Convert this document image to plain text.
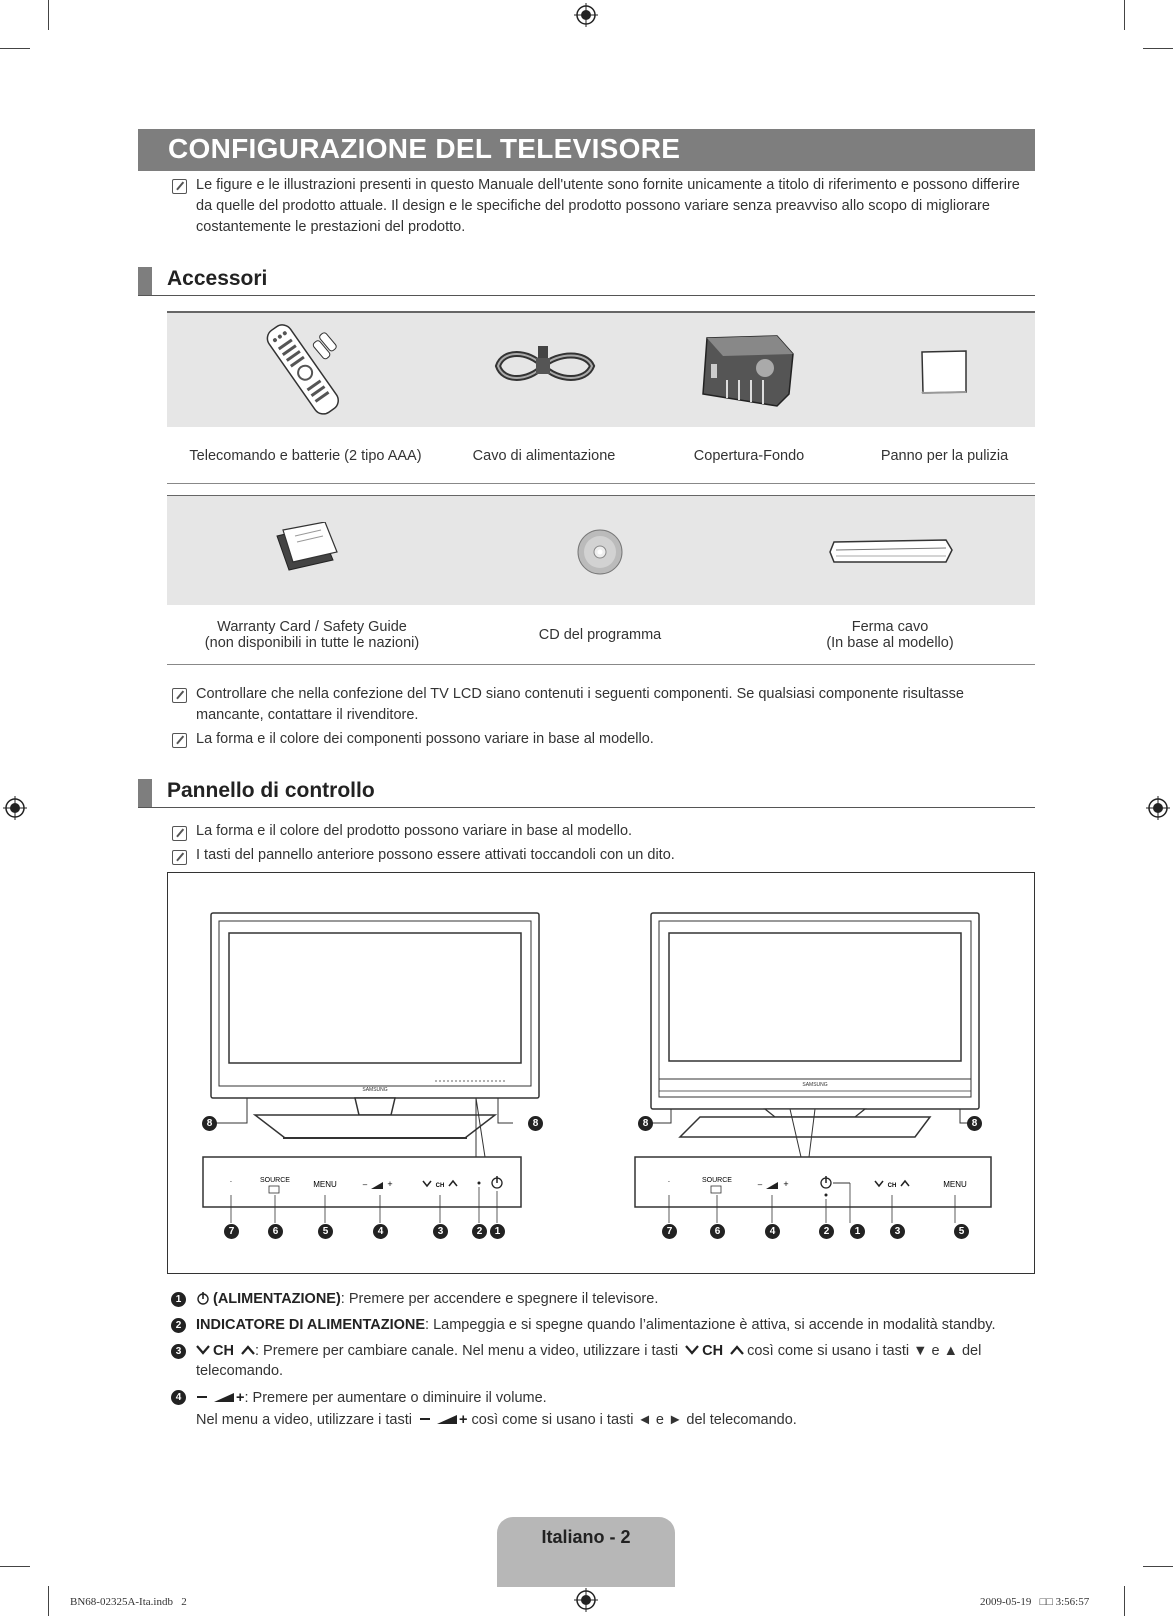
CONFIGURAZIONE DEL TELEVISORE
Le figure e le illustrazioni presenti in questo Manuale dell'utente sono fornite unicamente a titolo di riferimento e possono differire da quelle del prodotto attuale. Il design e le specifiche del prodotto possono variare senza preavviso allo scopo di migliorare costantemente le prestazioni del prodotto.
Accessori
Telecomando e batterie (2 tipo AAA)	Cavo di alimentazione	Copertura-Fondo	Panno per la pulizia
Warranty Card / Safety Guide
(non disponibili in tutte le nazioni)	CD del programma	Ferma cavo
(In base al modello)
Controllare che nella confezione del TV LCD siano contenuti i seguenti componenti. Se qualsiasi componente risultasse mancante, contattare il rivenditore.
La forma e il colore dei componenti possono variare in base al modello.
Pannello di controllo
La forma e il colore del prodotto possono variare in base al modello.
I tasti del pannello anteriore possono essere attivati toccandoli con un dito.
SAMSUNG
·	SOURCE	MENU	– +	CH
8	8
7	6	5	4	3	2	1
SAMSUNG
·	SOURCE	– +	CH	MENU
8	8
7	6	4	2	1	3	5
1	(ALIMENTAZIONE): Premere per accendere e spegnere il televisore.
2	INDICATORE DI ALIMENTAZIONE: Lampeggia e si spegne quando l’alimentazione è attiva, si accende in modalità standby.
3	CH : Premere per cambiare canale. Nel menu a video, utilizzare i tasti CH così come si usano i tasti ▼ e ▲ del
telecomando.
4	+: Premere per aumentare o diminuire il volume.
Nel menu a video, utilizzare i tasti	+ così come si usano i tasti ◄ e ► del telecomando.
Italiano - 2
BN68-02325A-Ita.indb   2	2009-05-19   □□ 3:56:57
